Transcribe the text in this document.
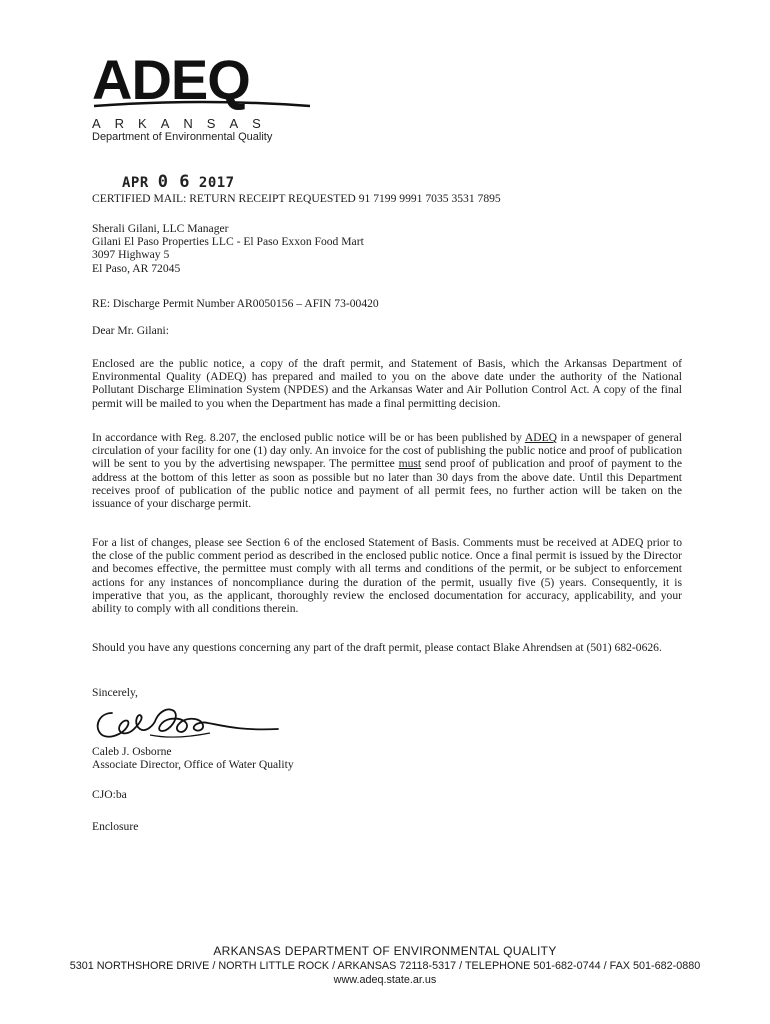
ADEQ
ARKANSAS
Department of Environmental Quality
APR 0 6 2017
CERTIFIED MAIL: RETURN RECEIPT REQUESTED 91 7199 9991 7035 3531 7895
Sherali Gilani, LLC Manager
Gilani El Paso Properties LLC - El Paso Exxon Food Mart
3097 Highway 5
El Paso, AR 72045
RE: Discharge Permit Number AR0050156 – AFIN 73-00420
Dear Mr. Gilani:
Enclosed are the public notice, a copy of the draft permit, and Statement of Basis, which the Arkansas Department of Environmental Quality (ADEQ) has prepared and mailed to you on the above date under the authority of the National Pollutant Discharge Elimination System (NPDES) and the Arkansas Water and Air Pollution Control Act. A copy of the final permit will be mailed to you when the Department has made a final permitting decision.
In accordance with Reg. 8.207, the enclosed public notice will be or has been published by ADEQ in a newspaper of general circulation of your facility for one (1) day only. An invoice for the cost of publishing the public notice and proof of publication will be sent to you by the advertising newspaper. The permittee must send proof of publication and proof of payment to the address at the bottom of this letter as soon as possible but no later than 30 days from the above date. Until this Department receives proof of publication of the public notice and payment of all permit fees, no further action will be taken on the issuance of your discharge permit.
For a list of changes, please see Section 6 of the enclosed Statement of Basis. Comments must be received at ADEQ prior to the close of the public comment period as described in the enclosed public notice. Once a final permit is issued by the Director and becomes effective, the permittee must comply with all terms and conditions of the permit, or be subject to enforcement actions for any instances of noncompliance during the duration of the permit, usually five (5) years. Consequently, it is imperative that you, as the applicant, thoroughly review the enclosed documentation for accuracy, applicability, and your ability to comply with all conditions therein.
Should you have any questions concerning any part of the draft permit, please contact Blake Ahrendsen at (501) 682-0626.
Sincerely,
Caleb J. Osborne
Associate Director, Office of Water Quality
CJO:ba
Enclosure
ARKANSAS DEPARTMENT OF ENVIRONMENTAL QUALITY
5301 NORTHSHORE DRIVE / NORTH LITTLE ROCK / ARKANSAS 72118-5317 / TELEPHONE 501-682-0744 / FAX 501-682-0880
www.adeq.state.ar.us
